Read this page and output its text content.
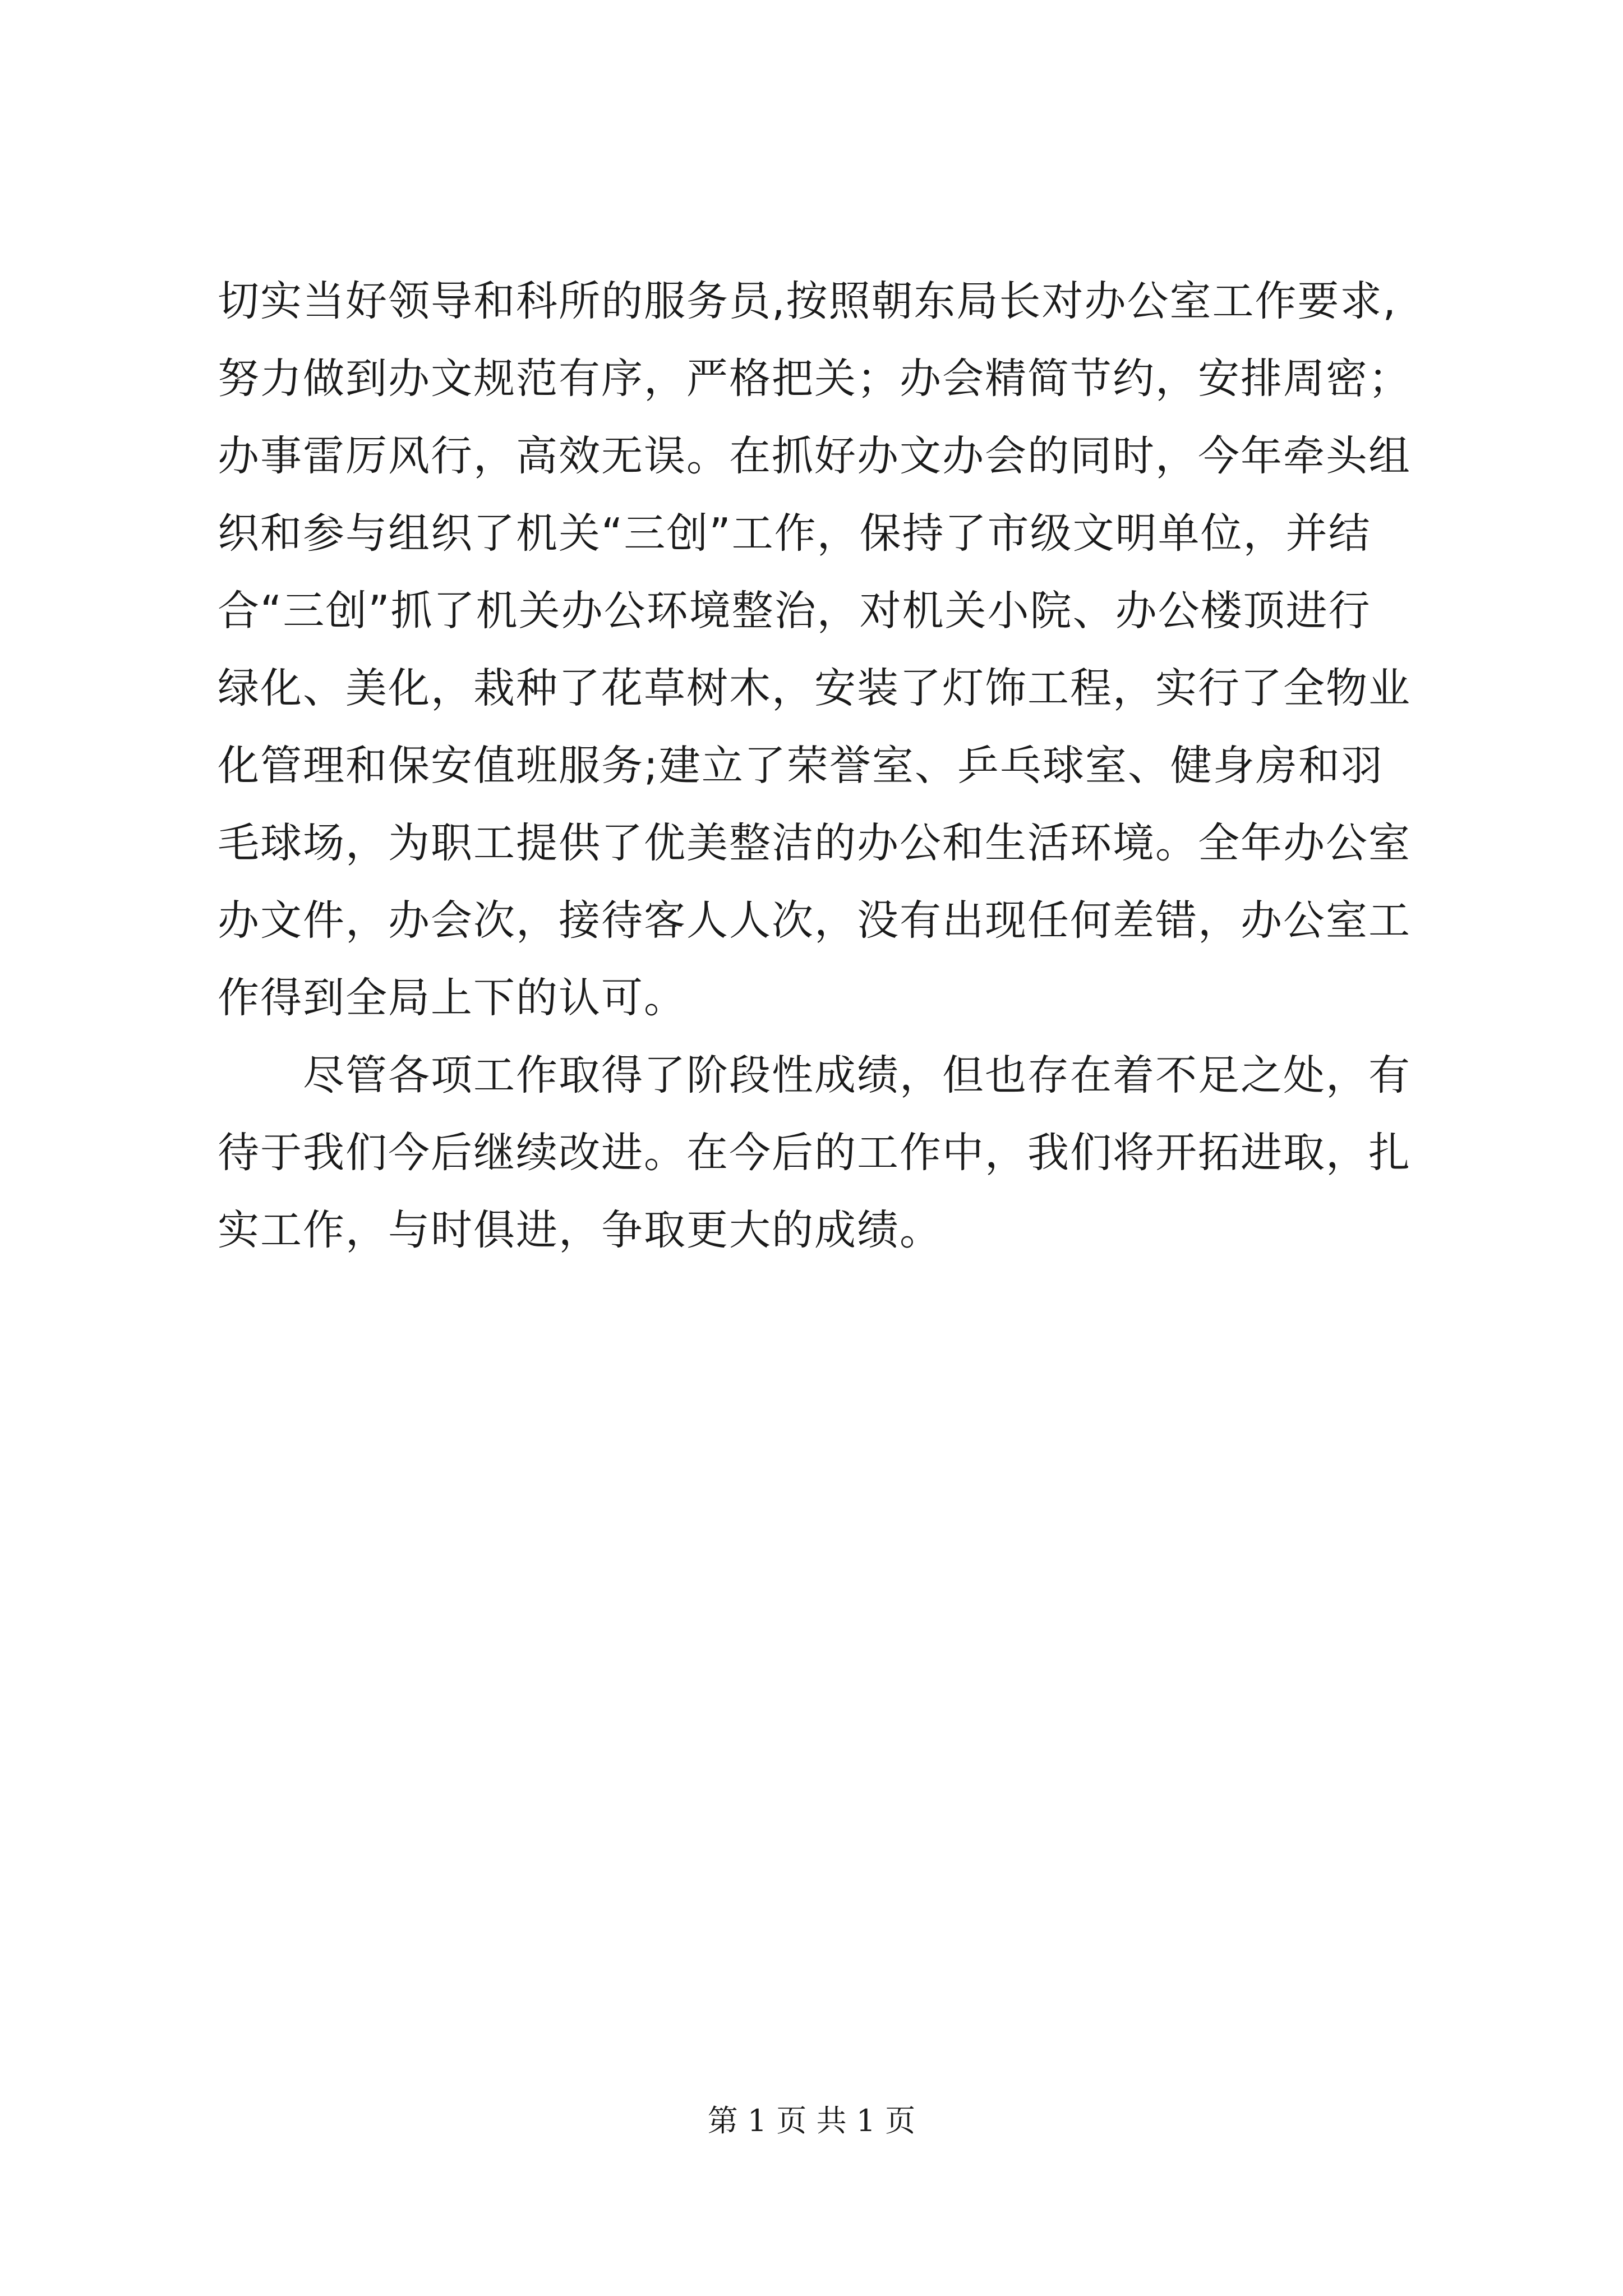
切实当好领导和科所的服务员,按照朝东局长对办公室工作要求,
努力做到办文规范有序，严格把关；办会精简节约，安排周密；
办事雷厉风行，高效无误。在抓好办文办会的同时，今年牵头组
织和参与组织了机关“三创”工作，保持了市级文明单位，并结
合“三创”抓了机关办公环境整治，对机关小院、办公楼顶进行
绿化、美化，栽种了花草树木，安装了灯饰工程，实行了全物业
化管理和保安值班服务;建立了荣誉室、乒乓球室、健身房和羽
毛球场，为职工提供了优美整洁的办公和生活环境。全年办公室
办文件，办会次，接待客人人次，没有出现任何差错，办公室工
作得到全局上下的认可。
尽管各项工作取得了阶段性成绩，但也存在着不足之处，有
待于我们今后继续改进。在今后的工作中，我们将开拓进取，扎
实工作，与时俱进，争取更大的成绩。
第 1 页 共 1 页
